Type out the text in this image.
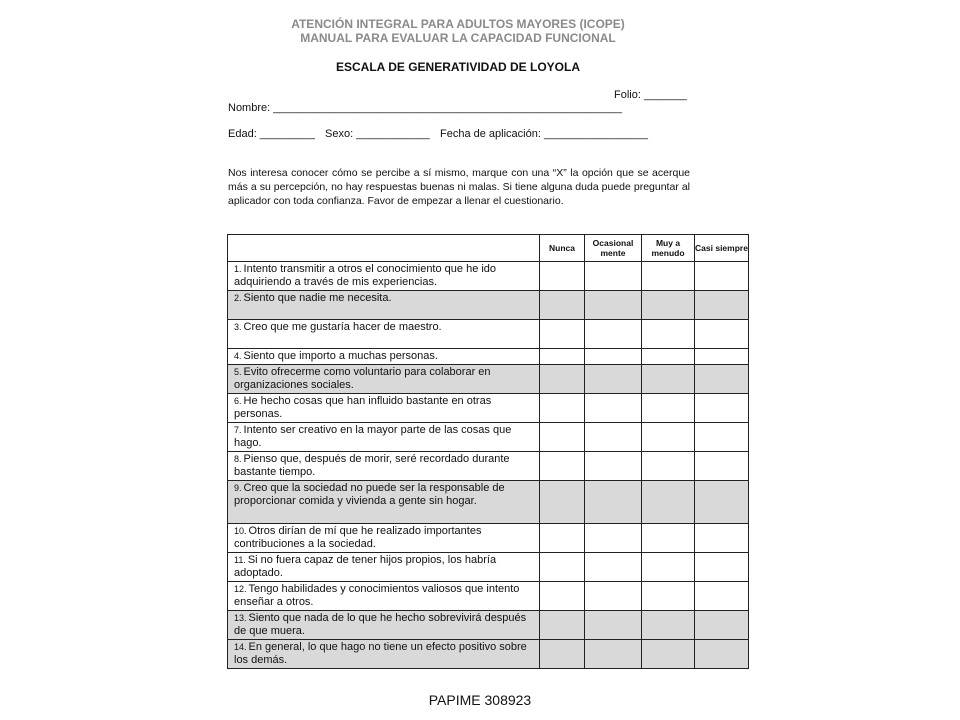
ATENCIÓN INTEGRAL PARA ADULTOS MAYORES (ICOPE)
MANUAL PARA EVALUAR LA CAPACIDAD FUNCIONAL
ESCALA DE GENERATIVIDAD DE LOYOLA
Folio: _______
Nombre: _________________________________________________________
Edad: _________ Sexo: ____________ Fecha de aplicación: _________________
Nos interesa conocer cómo se percibe a sí mismo, marque con una “X” la opción que se acerque más a su percepción, no hay respuestas buenas ni malas. Si tiene alguna duda puede preguntar al aplicador con toda confianza. Favor de empezar a llenar el cuestionario.
	Nunca	Ocasional mente	Muy a menudo	Casi siempre
1. Intento transmitir a otros el conocimiento que he ido adquiriendo a través de mis experiencias.				
2. Siento que nadie me necesita.				
3. Creo que me gustaría hacer de maestro.				
4. Siento que importo a muchas personas.				
5. Evito ofrecerme como voluntario para colaborar en organizaciones sociales.				
6. He hecho cosas que han influido bastante en otras personas.				
7. Intento ser creativo en la mayor parte de las cosas que hago.				
8. Pienso que, después de morir, seré recordado durante bastante tiempo.				
9. Creo que la sociedad no puede ser la responsable de proporcionar comida y vivienda a gente sin hogar.				
10. Otros dirían de mí que he realizado importantes contribuciones a la sociedad.				
11. Si no fuera capaz de tener hijos propios, los habría adoptado.				
12. Tengo habilidades y conocimientos valiosos que intento enseñar a otros.				
13. Siento que nada de lo que he hecho sobrevivirá después de que muera.				
14. En general, lo que hago no tiene un efecto positivo sobre los demás.				
PAPIME 308923
